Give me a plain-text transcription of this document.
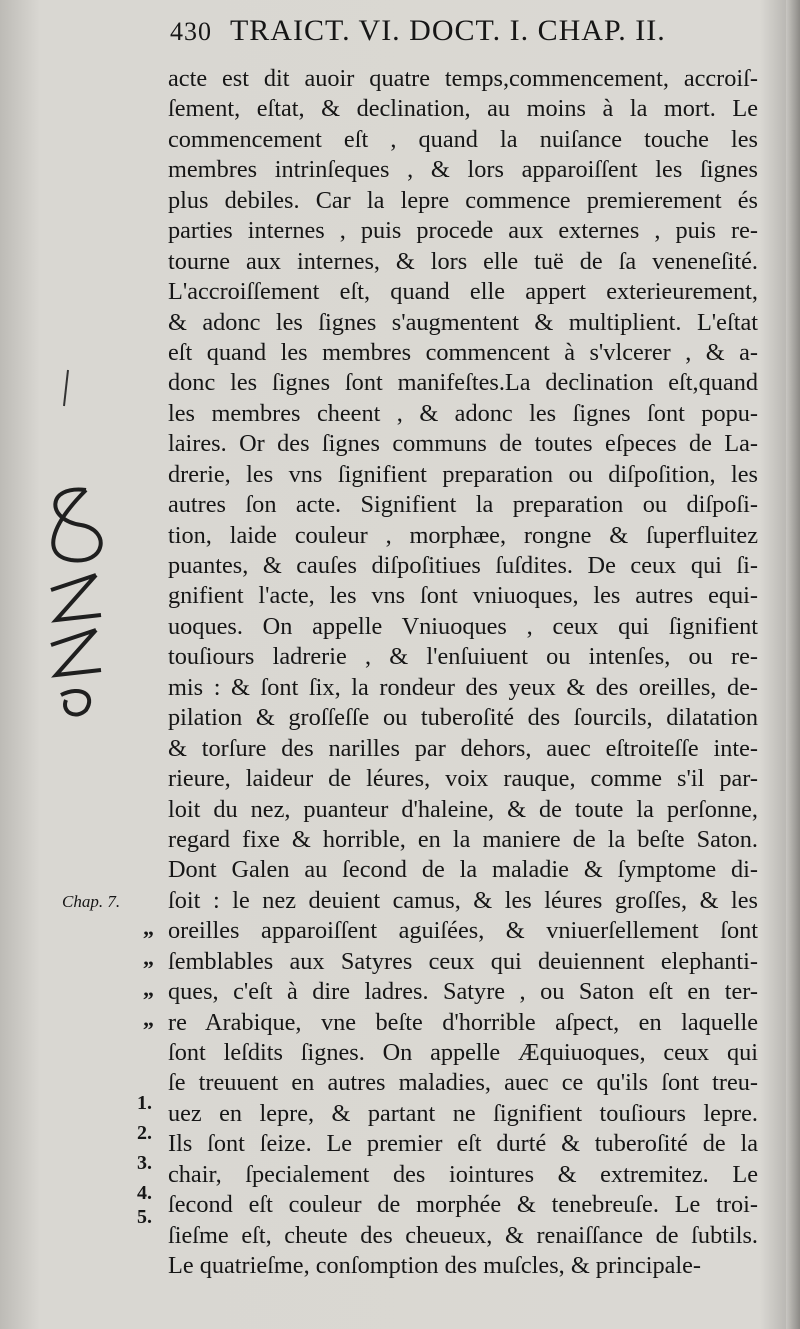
430 TRAICT. VI. DOCT. I. CHAP. II.
Chap. 7.
„
„
„
„
1.
2.
3.
4.
5.
acte est dit auoir quatre temps,commencement, accroiſ-
ſement, eſtat, & declination, au moins à la mort. Le
commencement eſt , quand la nuiſance touche les
membres intrinſeques , & lors apparoiſſent les ſignes
plus debiles. Car la lepre commence premierement és
parties internes , puis procede aux externes , puis re-
tourne aux internes, & lors elle tuë de ſa veneneſité.
L'accroiſſement eſt, quand elle appert exterieurement,
& adonc les ſignes s'augmentent & multiplient. L'eſtat
eſt quand les membres commencent à s'vlcerer , & a-
donc les ſignes ſont manifeſtes.La declination eſt,quand
les membres cheent , & adonc les ſignes ſont popu-
laires. Or des ſignes communs de toutes eſpeces de La-
drerie, les vns ſignifient preparation ou diſpoſition, les
autres ſon acte. Signifient la preparation ou diſpoſi-
tion, laide couleur , morphæe, rongne & ſuperfluitez
puantes, & cauſes diſpoſitiues ſuſdites. De ceux qui ſi-
gnifient l'acte, les vns ſont vniuoques, les autres equi-
uoques. On appelle Vniuoques , ceux qui ſignifient
touſiours ladrerie , & l'enſuiuent ou intenſes, ou re-
mis : & ſont ſix, la rondeur des yeux & des oreilles, de-
pilation & groſſeſſe ou tuberoſité des ſourcils, dilatation
& torſure des narilles par dehors, auec eſtroiteſſe inte-
rieure, laideur de léures, voix rauque, comme s'il par-
loit du nez, puanteur d'haleine, & de toute la perſonne,
regard fixe & horrible, en la maniere de la beſte Saton.
Dont Galen au ſecond de la maladie & ſymptome di-
ſoit : le nez deuient camus, & les léures groſſes, & les
oreilles apparoiſſent aguiſées, & vniuerſellement ſont
ſemblables aux Satyres ceux qui deuiennent elephanti-
ques, c'eſt à dire ladres. Satyre , ou Saton eſt en ter-
re Arabique, vne beſte d'horrible aſpect, en laquelle
ſont leſdits ſignes. On appelle Æquiuoques, ceux qui
ſe treuuent en autres maladies, auec ce qu'ils ſont treu-
uez en lepre, & partant ne ſignifient touſiours lepre.
Ils ſont ſeize. Le premier eſt durté & tuberoſité de la
chair, ſpecialement des iointures & extremitez. Le
ſecond eſt couleur de morphée & tenebreuſe. Le troi-
ſieſme eſt, cheute des cheueux, & renaiſſance de ſubtils.
Le quatrieſme, conſomption des muſcles, & principale-
